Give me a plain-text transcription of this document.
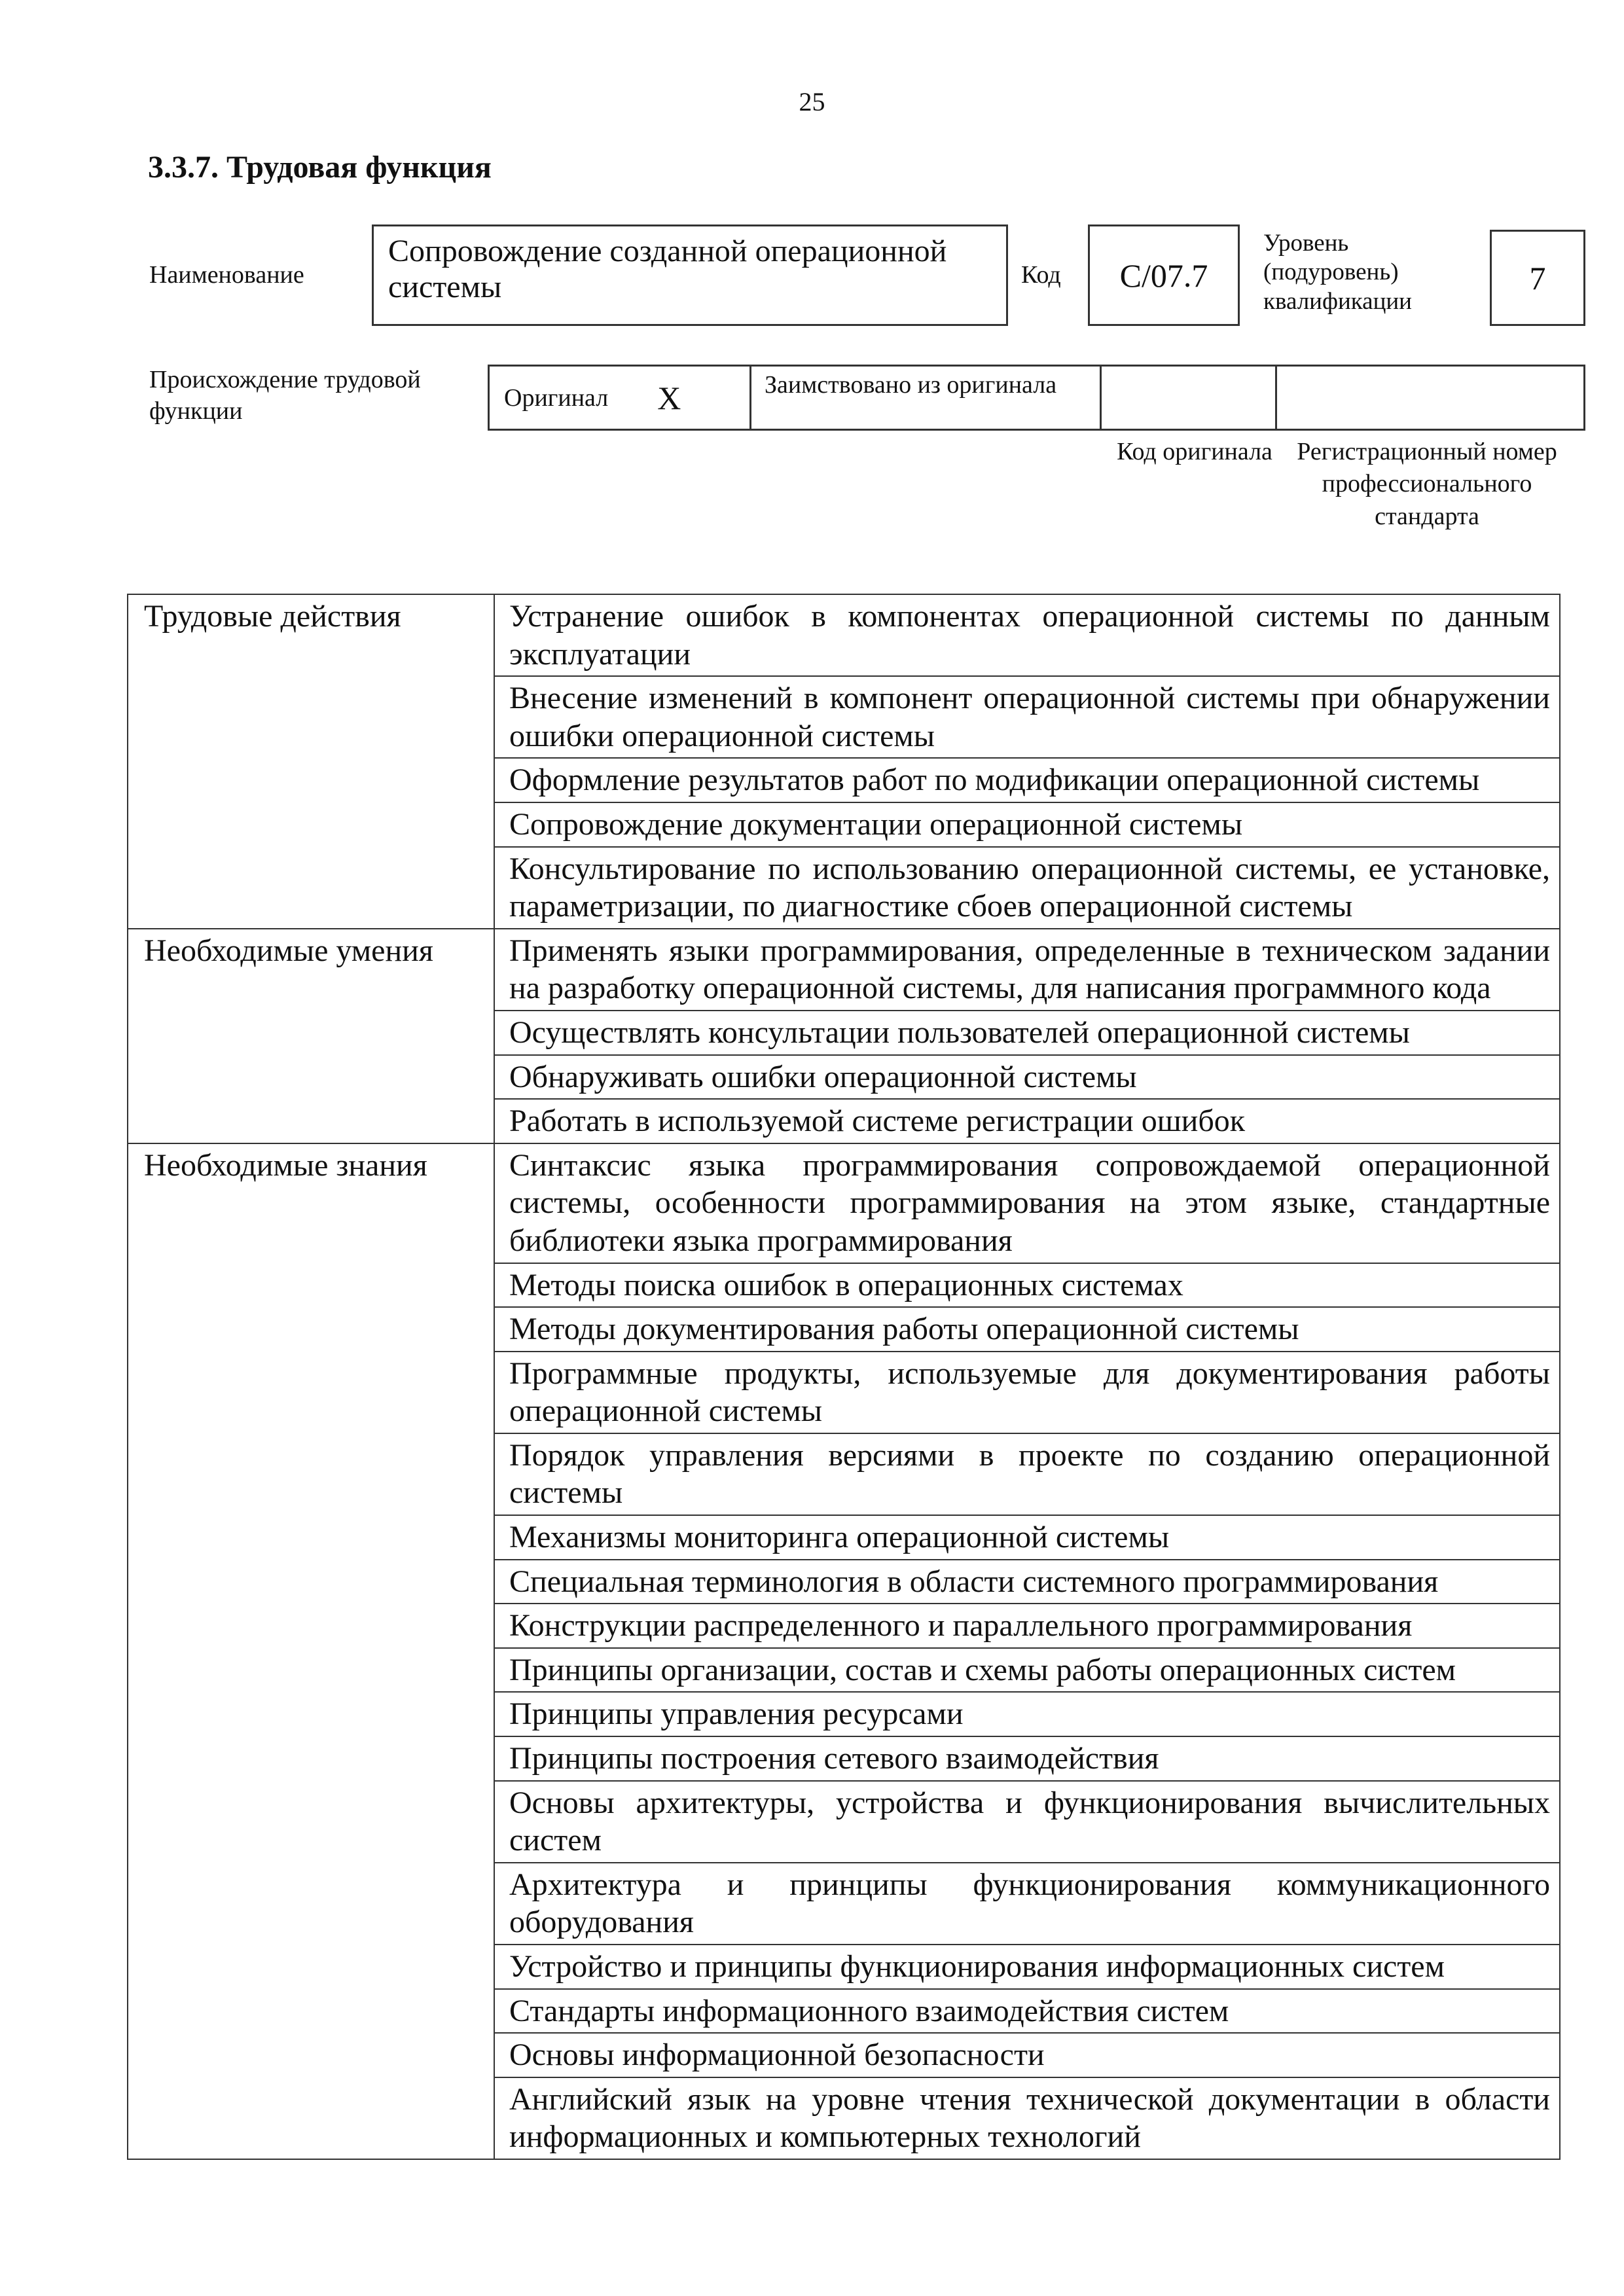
25
3.3.7. Трудовая функция
Наименование
Сопровождение созданной операционной системы	Код	C/07.7
Уровень (подуровень) квалификации
7
Происхождение трудовой функции	Оригинал X	Заимствовано из оригинала
Код оригинала Регистрационный номер профессионального стандарта
Трудовые действия	Устранение ошибок в компонентах операционной системы по данным эксплуатации
	Внесение изменений в компонент операционной системы при обнаружении ошибки операционной системы
	Оформление результатов работ по модификации операционной системы
	Сопровождение документации операционной системы
	Консультирование по использованию операционной системы, ее установке, параметризации, по диагностике сбоев операционной системы
Необходимые умения	Применять языки программирования, определенные в техническом задании на разработку операционной системы, для написания программного кода
	Осуществлять консультации пользователей операционной системы
	Обнаруживать ошибки операционной системы
	Работать в используемой системе регистрации ошибок
Необходимые знания	Синтаксис языка программирования сопровождаемой операционной системы, особенности программирования на этом языке, стандартные библиотеки языка программирования
	Методы поиска ошибок в операционных системах
	Методы документирования работы операционной системы
	Программные продукты, используемые для документирования работы операционной системы
	Порядок управления версиями в проекте по созданию операционной системы
	Механизмы мониторинга операционной системы
	Специальная терминология в области системного программирования
	Конструкции распределенного и параллельного программирования
	Принципы организации, состав и схемы работы операционных систем
	Принципы управления ресурсами
	Принципы построения сетевого взаимодействия
	Основы архитектуры, устройства и функционирования вычислительных систем
	Архитектура и принципы функционирования коммуникационного оборудования
	Устройство и принципы функционирования информационных систем
	Стандарты информационного взаимодействия систем
	Основы информационной безопасности
	Английский язык на уровне чтения технической документации в области информационных и компьютерных технологий
